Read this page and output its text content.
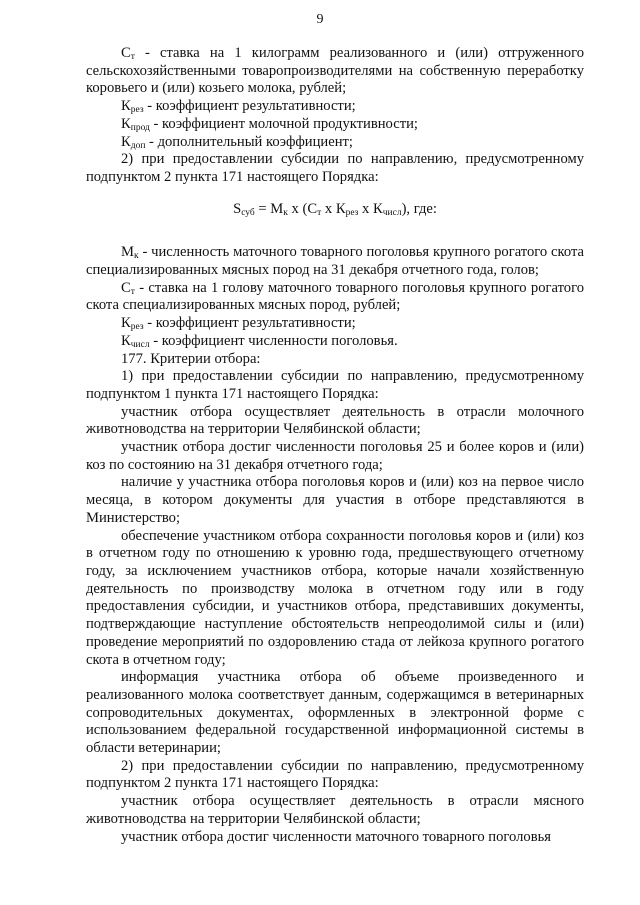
9

$С_т$ - ставка на 1 килограмм реализованного и (или) отгруженного сельскохозяйственными товаропроизводителями на собственную переработку коровьего и (или) козьего молока, рублей;

$К_{рез}$ - коэффициент результативности;

$К_{прод}$ - коэффициент молочной продуктивности;

$К_{доп}$ - дополнительный коэффициент;

2) при предоставлении субсидии по направлению, предусмотренному подпунктом 2 пункта 171 настоящего Порядка:

$S_{суб} = М_к$ х ($С_т$ х $К_{рез}$ х $К_{числ}$), где:

$М_к$ - численность маточного товарного поголовья крупного рогатого скота специализированных мясных пород на 31 декабря отчетного года, голов;

$С_т$ - ставка на 1 голову маточного товарного поголовья крупного рогатого скота специализированных мясных пород, рублей;

$К_{рез}$ - коэффициент результативности;

$К_{числ}$ - коэффициент численности поголовья.

177. Критерии отбора:

1) при предоставлении субсидии по направлению, предусмотренному подпунктом 1 пункта 171 настоящего Порядка:

участник отбора осуществляет деятельность в отрасли молочного животноводства на территории Челябинской области;

участник отбора достиг численности поголовья 25 и более коров и (или) коз по состоянию на 31 декабря отчетного года;

наличие у участника отбора поголовья коров и (или) коз на первое число месяца, в котором документы для участия в отборе представляются в Министерство;

обеспечение участником отбора сохранности поголовья коров и (или) коз в отчетном году по отношению к уровню года, предшествующего отчетному году, за исключением участников отбора, которые начали хозяйственную деятельность по производству молока в отчетном году или в году предоставления субсидии, и участников отбора, представивших документы, подтверждающие наступление обстоятельств непреодолимой силы и (или) проведение мероприятий по оздоровлению стада от лейкоза крупного рогатого скота в отчетном году;

информация участника отбора об объеме произведенного и реализованного молока соответствует данным, содержащимся в ветеринарных сопроводительных документах, оформленных в электронной форме с использованием федеральной государственной информационной системы в области ветеринарии;

2) при предоставлении субсидии по направлению, предусмотренному подпунктом 2 пункта 171 настоящего Порядка:

участник отбора осуществляет деятельность в отрасли мясного животноводства на территории Челябинской области;

участник отбора достиг численности маточного товарного поголовья
